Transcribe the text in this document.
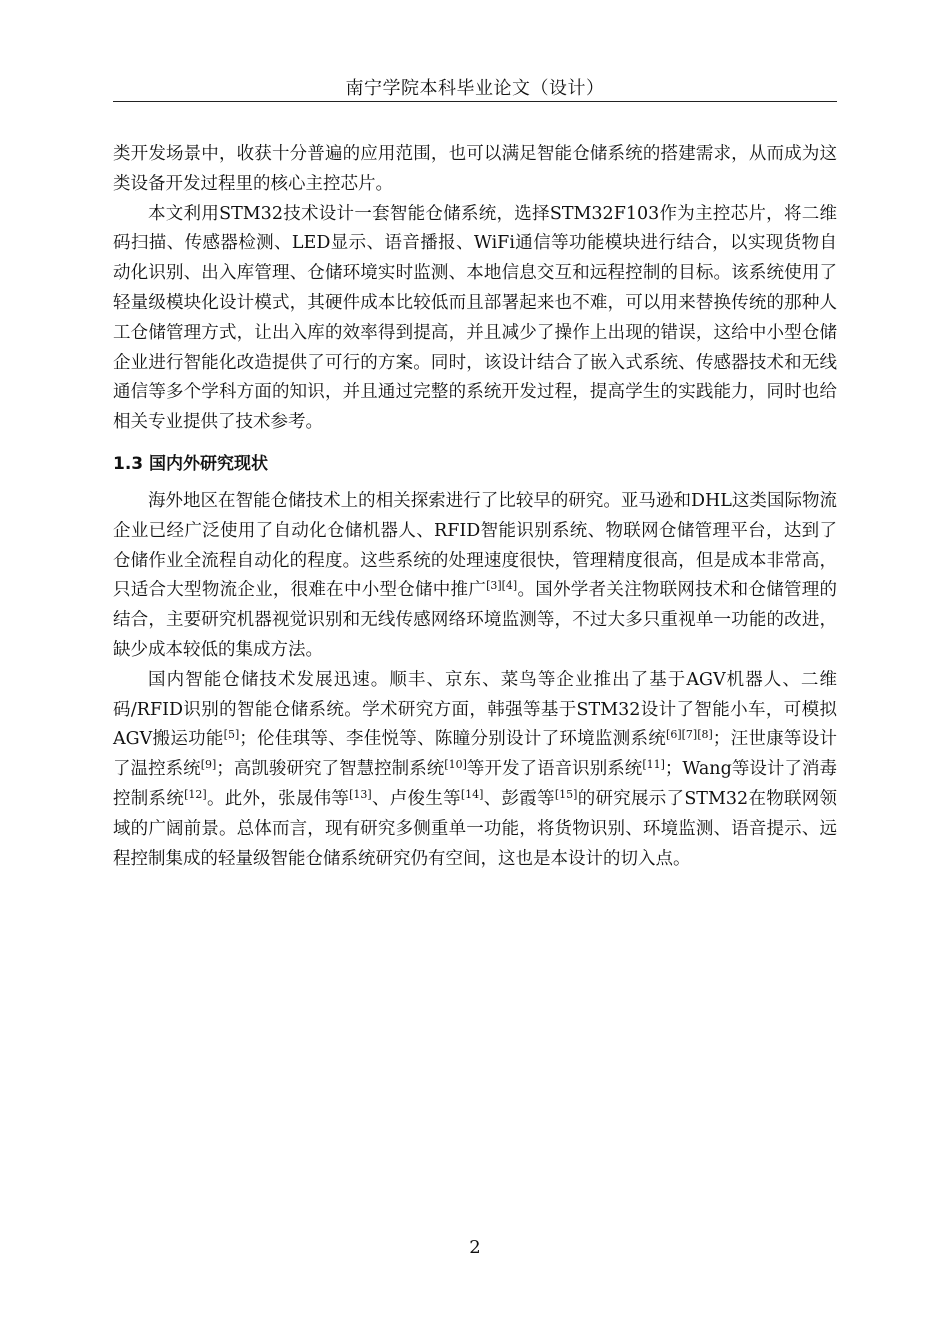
南宁学院本科毕业论文（设计）

类开发场景中，收获十分普遍的应用范围，也可以满足智能仓储系统的搭建需求，从而成为这类设备开发过程里的核心主控芯片。

本文利用STM32技术设计一套智能仓储系统，选择STM32F103作为主控芯片，将二维码扫描、传感器检测、LED显示、语音播报、WiFi通信等功能模块进行结合，以实现货物自动化识别、出入库管理、仓储环境实时监测、本地信息交互和远程控制的目标。该系统使用了轻量级模块化设计模式，其硬件成本比较低而且部署起来也不难，可以用来替换传统的那种人工仓储管理方式，让出入库的效率得到提高，并且减少了操作上出现的错误，这给中小型仓储企业进行智能化改造提供了可行的方案。同时，该设计结合了嵌入式系统、传感器技术和无线通信等多个学科方面的知识，并且通过完整的系统开发过程，提高学生的实践能力，同时也给相关专业提供了技术参考。

1.3 国内外研究现状

海外地区在智能仓储技术上的相关探索进行了比较早的研究。亚马逊和DHL这类国际物流企业已经广泛使用了自动化仓储机器人、RFID智能识别系统、物联网仓储管理平台，达到了仓储作业全流程自动化的程度。这些系统的处理速度很快，管理精度很高，但是成本非常高，只适合大型物流企业，很难在中小型仓储中推广[3][4]。国外学者关注物联网技术和仓储管理的结合，主要研究机器视觉识别和无线传感网络环境监测等，不过大多只重视单一功能的改进，缺少成本较低的集成方法。

国内智能仓储技术发展迅速。顺丰、京东、菜鸟等企业推出了基于AGV机器人、二维码/RFID识别的智能仓储系统。学术研究方面，韩强等基于STM32设计了智能小车，可模拟AGV搬运功能[5]；伦佳琪等、李佳悦等、陈瞳分别设计了环境监测系统[6][7][8]；汪世康等设计了温控系统[9]；高凯骏研究了智慧控制系统[10]等开发了语音识别系统[11]；Wang等设计了消毒控制系统[12]。此外，张晟伟等[13]、卢俊生等[14]、彭霞等[15]的研究展示了STM32在物联网领域的广阔前景。总体而言，现有研究多侧重单一功能，将货物识别、环境监测、语音提示、远程控制集成的轻量级智能仓储系统研究仍有空间，这也是本设计的切入点。

2
